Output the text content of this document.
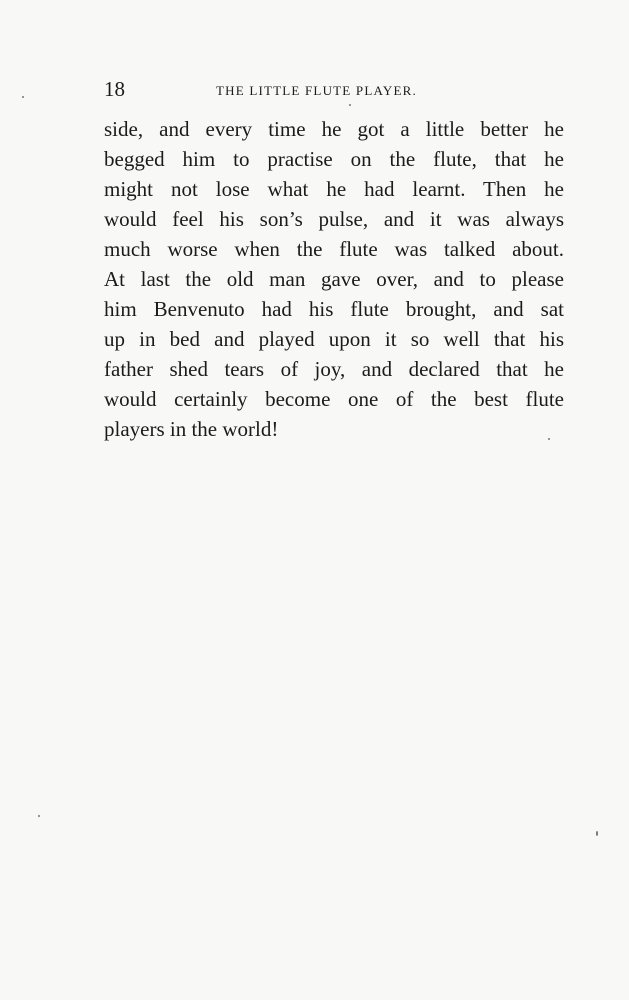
18	THE LITTLE FLUTE PLAYER.
side, and every time he got a little better he
begged him to practise on the flute, that he
might not lose what he had learnt. Then he
would feel his son’s pulse, and it was always
much worse when the flute was talked about.
At last the old man gave over, and to please
him Benvenuto had his flute brought, and sat
up in bed and played upon it so well that his
father shed tears of joy, and declared that he
would certainly become one of the best flute
players in the world!
